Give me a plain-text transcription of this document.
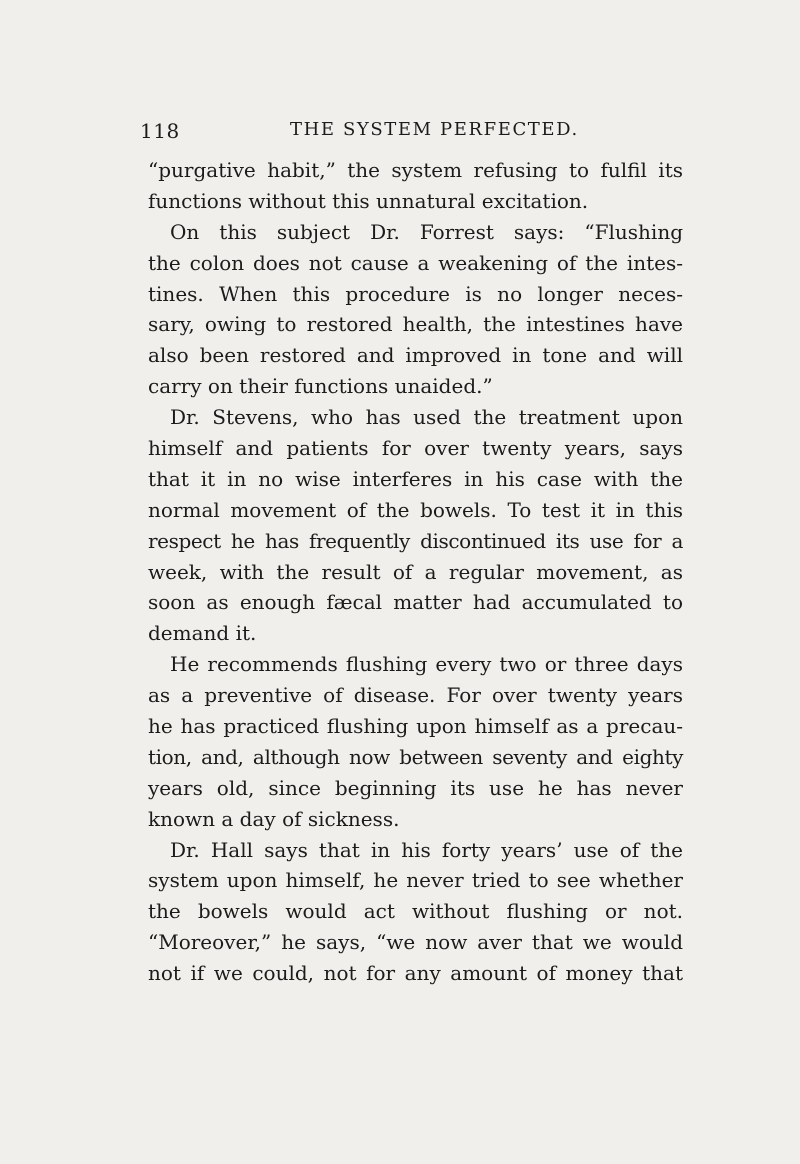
118	THE SYSTEM PERFECTED.
“purgative habit,” the system refusing to fulfil its
functions without this unnatural excitation.
On this subject Dr. Forrest says: “Flushing
the colon does not cause a weakening of the intes-
tines. When this procedure is no longer neces-
sary, owing to restored health, the intestines have
also been restored and improved in tone and will
carry on their functions unaided.”
Dr. Stevens, who has used the treatment upon
himself and patients for over twenty years, says
that it in no wise interferes in his case with the
normal movement of the bowels. To test it in this
respect he has frequently discontinued its use for a
week, with the result of a regular movement, as
soon as enough fæcal matter had accumulated to
demand it.
He recommends flushing every two or three days
as a preventive of disease. For over twenty years
he has practiced flushing upon himself as a precau-
tion, and, although now between seventy and eighty
years old, since beginning its use he has never
known a day of sickness.
Dr. Hall says that in his forty years’ use of the
system upon himself, he never tried to see whether
the bowels would act without flushing or not.
“Moreover,” he says, “we now aver that we would
not if we could, not for any amount of money that
